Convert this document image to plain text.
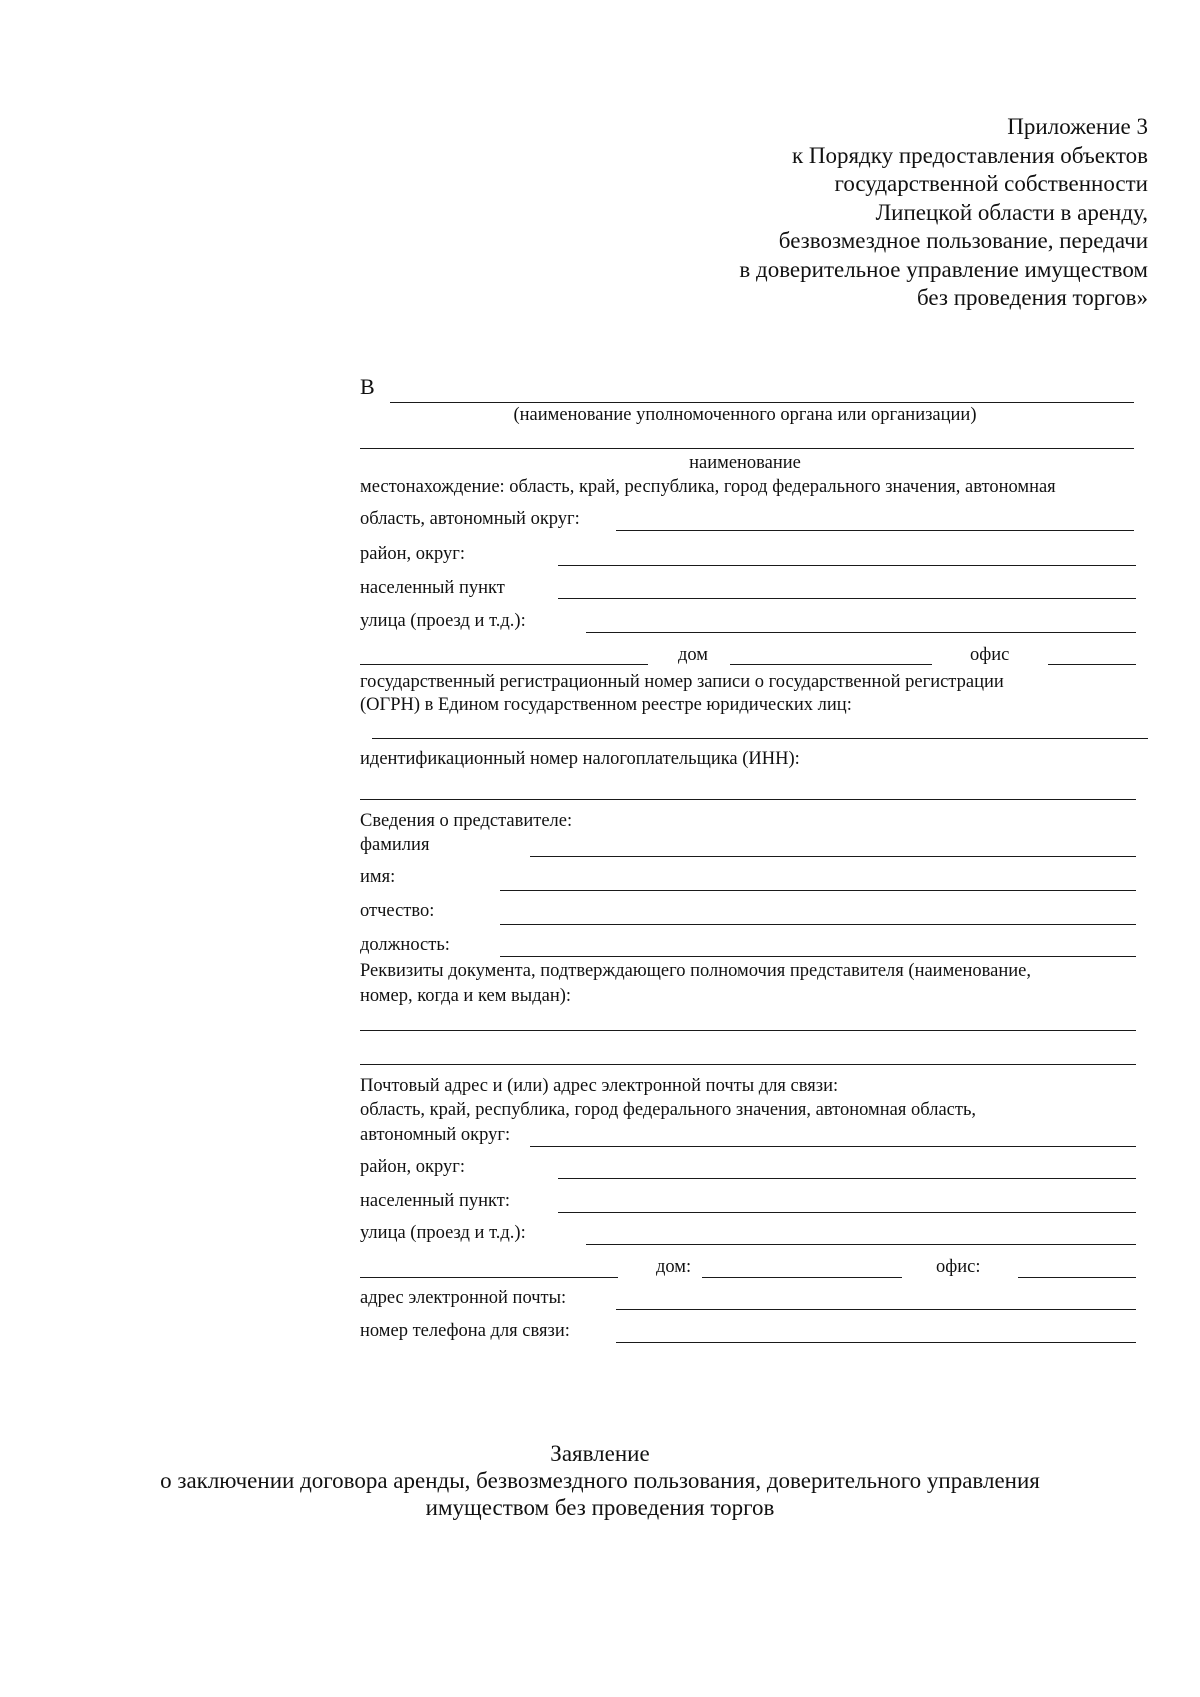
Приложение 3
к Порядку предоставления объектов
государственной собственности
Липецкой области в аренду,
безвозмездное пользование, передачи
в доверительное управление имуществом
без проведения торгов»
В
(наименование уполномоченного органа или организации)
наименование
местонахождение: область, край, республика, город федерального значения, автономная
область, автономный округ:
район, округ:
населенный пункт
улица (проезд и т.д.):
дом	офис
государственный регистрационный номер записи о государственной регистрации
(ОГРН) в Едином государственном реестре юридических лиц:
идентификационный номер налогоплательщика (ИНН):
Сведения о представителе:
фамилия
имя:
отчество:
должность:
Реквизиты документа, подтверждающего полномочия представителя (наименование,
номер, когда и кем выдан):
Почтовый адрес и (или) адрес электронной почты для связи:
область, край, республика, город федерального значения, автономная область,
автономный округ:
район, округ:
населенный пункт:
улица (проезд и т.д.):
дом:	офис:
адрес электронной почты:
номер телефона для связи:
Заявление
о заключении договора аренды, безвозмездного пользования, доверительного управления
имуществом без проведения торгов
